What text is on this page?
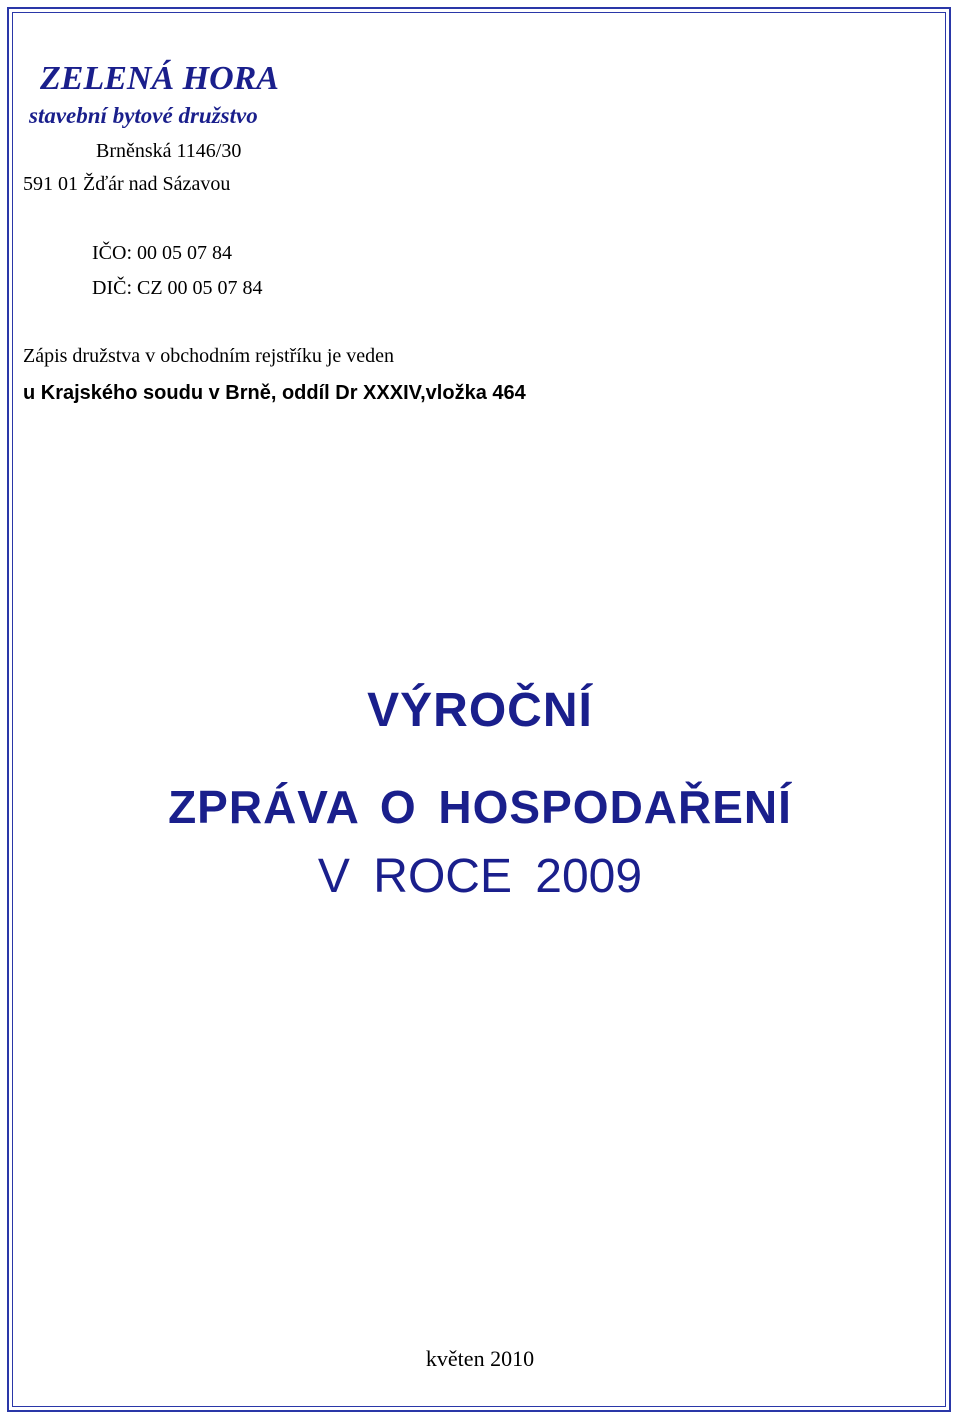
ZELENÁ HORA

stavební bytové družstvo

Brněnská 1146/30

591 01 Žďár nad Sázavou

IČO: 00 05 07 84

DIČ: CZ 00 05 07 84

Zápis družstva v obchodním rejstříku je veden

u Krajského soudu v Brně, oddíl Dr XXXIV,vložka 464

VÝROČNÍ

ZPRÁVA O HOSPODAŘENÍ

V ROCE 2009

květen 2010
